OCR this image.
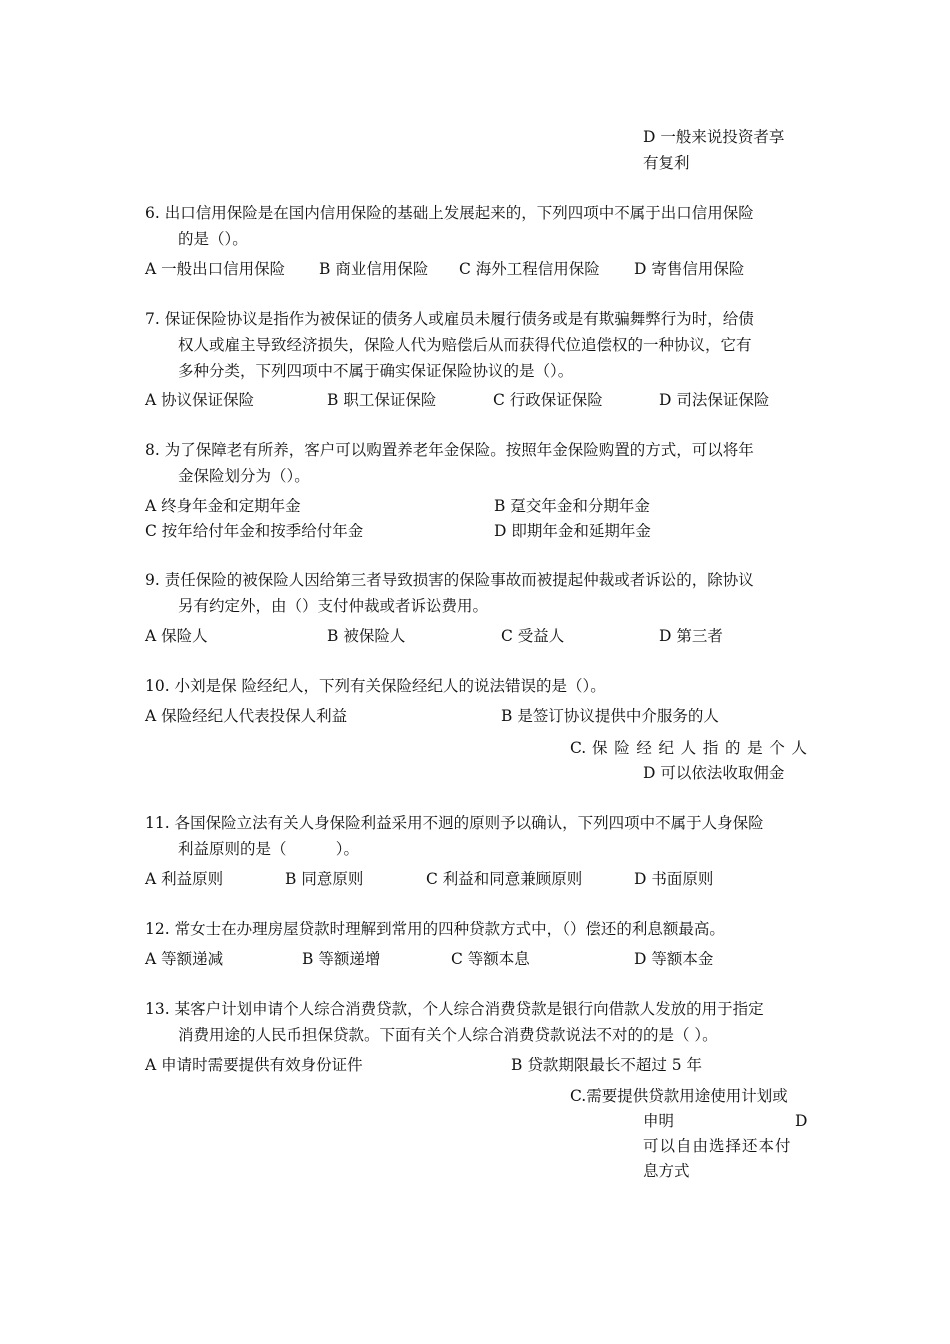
D 一般来说投资者享
有复利
6. 出口信用保险是在国内信用保险的基础上发展起来的，下列四项中不属于出口信用保险
的是（）。
A 一般出口信用保险 B 商业信用保险 C 海外工程信用保险 D 寄售信用保险
7. 保证保险协议是指作为被保证的债务人或雇员未履行债务或是有欺骗舞弊行为时，给债
权人或雇主导致经济损失，保险人代为赔偿后从而获得代位追偿权的一种协议，它有
多种分类，下列四项中不属于确实保证保险协议的是（）。
A 协议保证保险	B 职工保证保险	C 行政保证保险	D 司法保证保险
8. 为了保障老有所养，客户可以购置养老年金保险。按照年金保险购置的方式，可以将年
金保险划分为（）。
A 终身年金和定期年金	B 趸交年金和分期年金
C 按年给付年金和按季给付年金	D 即期年金和延期年金
9. 责任保险的被保险人因给第三者导致损害的保险事故而被提起仲裁或者诉讼的，除协议
另有约定外，由（）支付仲裁或者诉讼费用。
A 保险人	B 被保险人	C 受益人	D 第三者
10. 小刘是保 险经纪人，下列有关保险经纪人的说法错误的是（）。
A 保险经纪人代表投保人利益	B 是签订协议提供中介服务的人
C. 保 险 经 纪 人 指 的 是 个 人
D 可以依法收取佣金
11. 各国保险立法有关人身保险利益采用不迥的原则予以确认，下列四项中不属于人身保险
利益原则的是（          ）。
A 利益原则	B 同意原则	C 利益和同意兼顾原则	D 书面原则
12. 常女士在办理房屋贷款时理解到常用的四种贷款方式中，（）偿还的利息额最高。
A 等额递减	B 等额递增	C 等额本息	D 等额本金
13. 某客户计划申请个人综合消费贷款，个人综合消费贷款是银行向借款人发放的用于指定
消费用途的人民币担保贷款。下面有关个人综合消费贷款说法不对的的是（ ）。
A 申请时需要提供有效身份证件	B 贷款期限最长不超过 5 年
C.需要提供贷款用途使用计划或
申明	D
可以自由选择还本付
息方式
